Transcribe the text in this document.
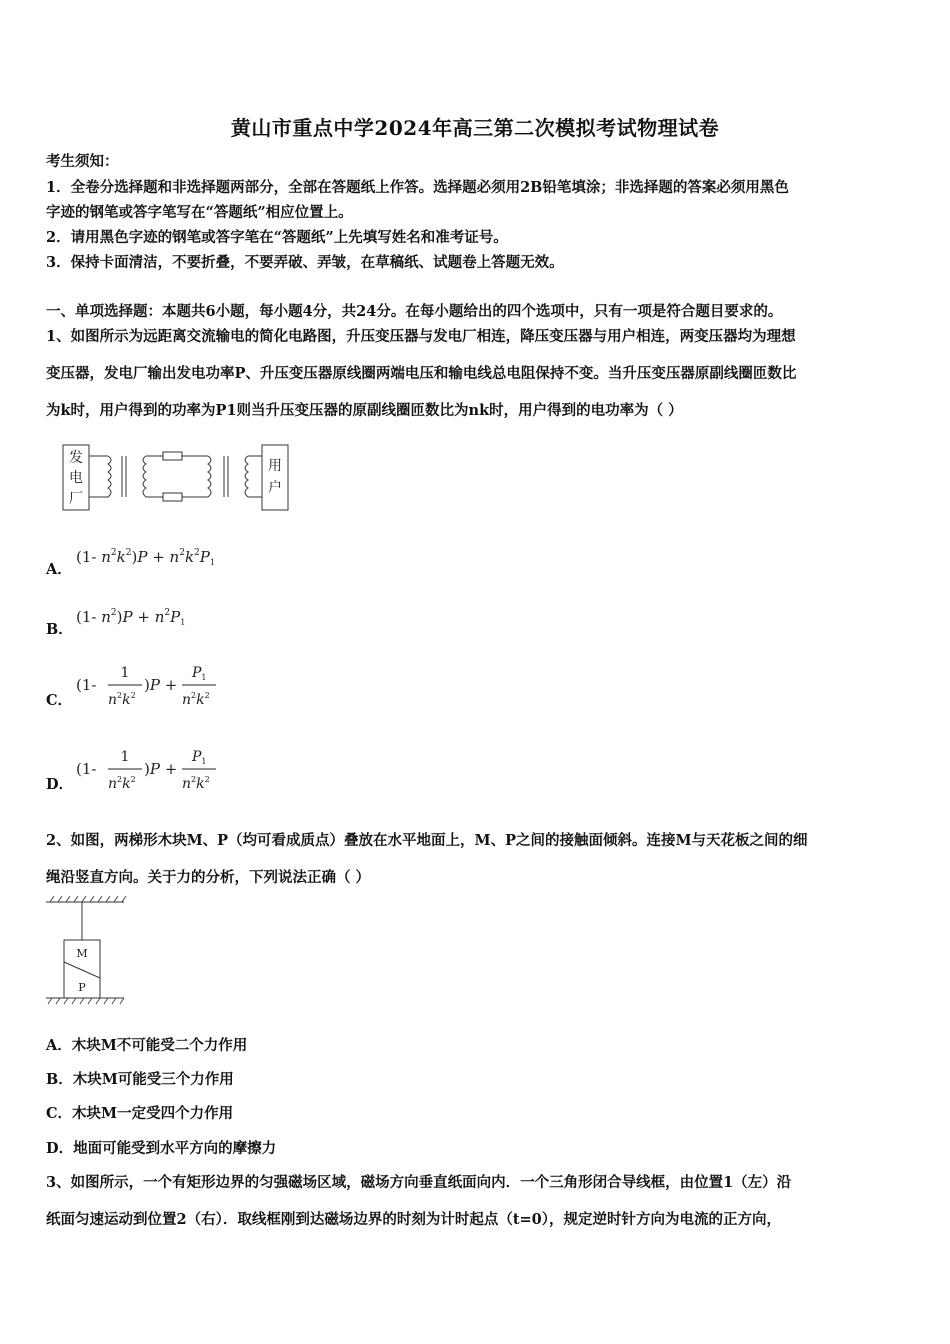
黄山市重点中学2024年高三第二次模拟考试物理试卷
考生须知：
1．全卷分选择题和非选择题两部分，全部在答题纸上作答。选择题必须用2B铅笔填涂；非选择题的答案必须用黑色
字迹的钢笔或答字笔写在“答题纸”相应位置上。
2．请用黑色字迹的钢笔或答字笔在“答题纸”上先填写姓名和准考证号。
3．保持卡面清洁，不要折叠，不要弄破、弄皱，在草稿纸、试题卷上答题无效。
一、单项选择题：本题共6小题，每小题4分，共24分。在每小题给出的四个选项中，只有一项是符合题目要求的。
1、如图所示为远距离交流输电的简化电路图，升压变压器与发电厂相连，降压变压器与用户相连，两变压器均为理想
变压器，发电厂输出发电功率P、升压变压器原线圈两端电压和输电线总电阻保持不变。当升压变压器原副线圈匝数比
为k时，用户得到的功率为P1则当升压变压器的原副线圈匝数比为nk时，用户得到的电功率为（ ）
发
电
厂
用
户
A．
(1- $n^2k^2)P + n^2k^2P_1$
B．
(1- $n^2)P + n^2P_1$
C．
(1-
1
$n^2k^2$
)P +
$P_1$
$n^2k^2$
D．
(1-
1
$n^2k^2$
)P +
$P_1$
$n^2k^2$
2、如图，两梯形木块M、P（均可看成质点）叠放在水平地面上，M、P之间的接触面倾斜。连接M与天花板之间的细
绳沿竖直方向。关于力的分析，下列说法正确（ ）
M
P
A．木块M不可能受二个力作用
B．木块M可能受三个力作用
C．木块M一定受四个力作用
D．地面可能受到水平方向的摩擦力
3、如图所示，一个有矩形边界的匀强磁场区域，磁场方向垂直纸面向内．一个三角形闭合导线框，由位置1（左）沿
纸面匀速运动到位置2（右）．取线框刚到达磁场边界的时刻为计时起点（t=0），规定逆时针方向为电流的正方向，
